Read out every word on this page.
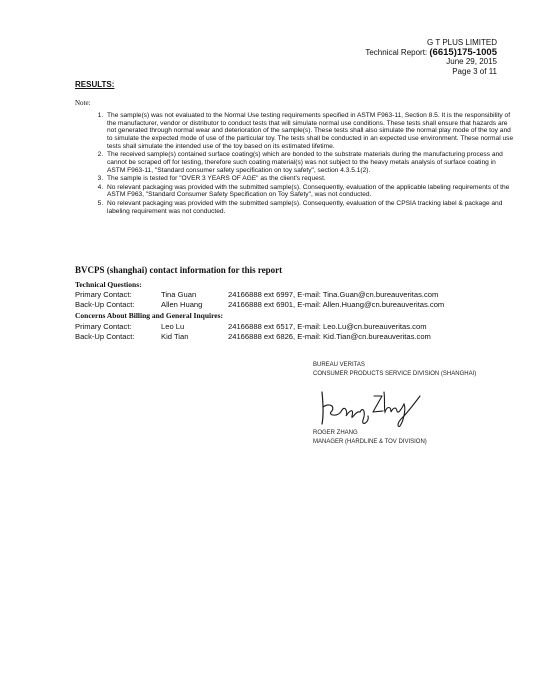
G T PLUS LIMITED
Technical Report: (6615)175-1005
June 29, 2015
Page 3 of 11
RESULTS:
Note:
1. The sample(s) was not evaluated to the Normal Use testing requirements specified in ASTM F963-11, Section 8.5. It is the responsibility of the manufacturer, vendor or distributor to conduct tests that will simulate normal use conditions. These tests shall ensure that hazards are not generated through normal wear and deterioration of the sample(s). These tests shall also simulate the normal play mode of the toy and to simulate the expected mode of use of the particular toy. The tests shall be conducted in an expected use environment. These normal use tests shall simulate the intended use of the toy based on its estimated lifetime.
2. The received sample(s) contained surface coating(s) which are bonded to the substrate materials during the manufacturing process and cannot be scraped off for testing, therefore such coating material(s) was not subject to the heavy metals analysis of surface coating in ASTM F963-11, "Standard consumer safety specification on toy safety", section 4.3.5.1(2).
3. The sample is tested for "OVER 3 YEARS OF AGE" as the client's request.
4. No relevant packaging was provided with the submitted sample(s). Consequently, evaluation of the applicable labeling requirements of the ASTM F963, "Standard Consumer Safety Specification on Toy Safety", was not conducted.
5. No relevant packaging was provided with the submitted sample(s). Consequently, evaluation of the CPSIA tracking label & package and labeling requirement was not conducted.
BVCPS (shanghai) contact information for this report
Technical Questions:
Primary Contact:	Tina Guan	24166888 ext 6997, E-mail: Tina.Guan@cn.bureauveritas.com
Back-Up Contact:	Allen Huang	24166888 ext 6901, E-mail: Allen.Huang@cn.bureauveritas.com
Concerns About Billing and General Inquires:
Primary Contact:	Leo Lu	24166888 ext 6517, E-mail: Leo.Lu@cn.bureauveritas.com
Back-Up Contact:	Kid Tian	24166888 ext 6826, E-mail: Kid.Tian@cn.bureauveritas.com
BUREAU VERITAS
CONSUMER PRODUCTS SERVICE DIVISION (SHANGHAI)
ROGER ZHANG
MANAGER (HARDLINE & TOV DIVISION)
